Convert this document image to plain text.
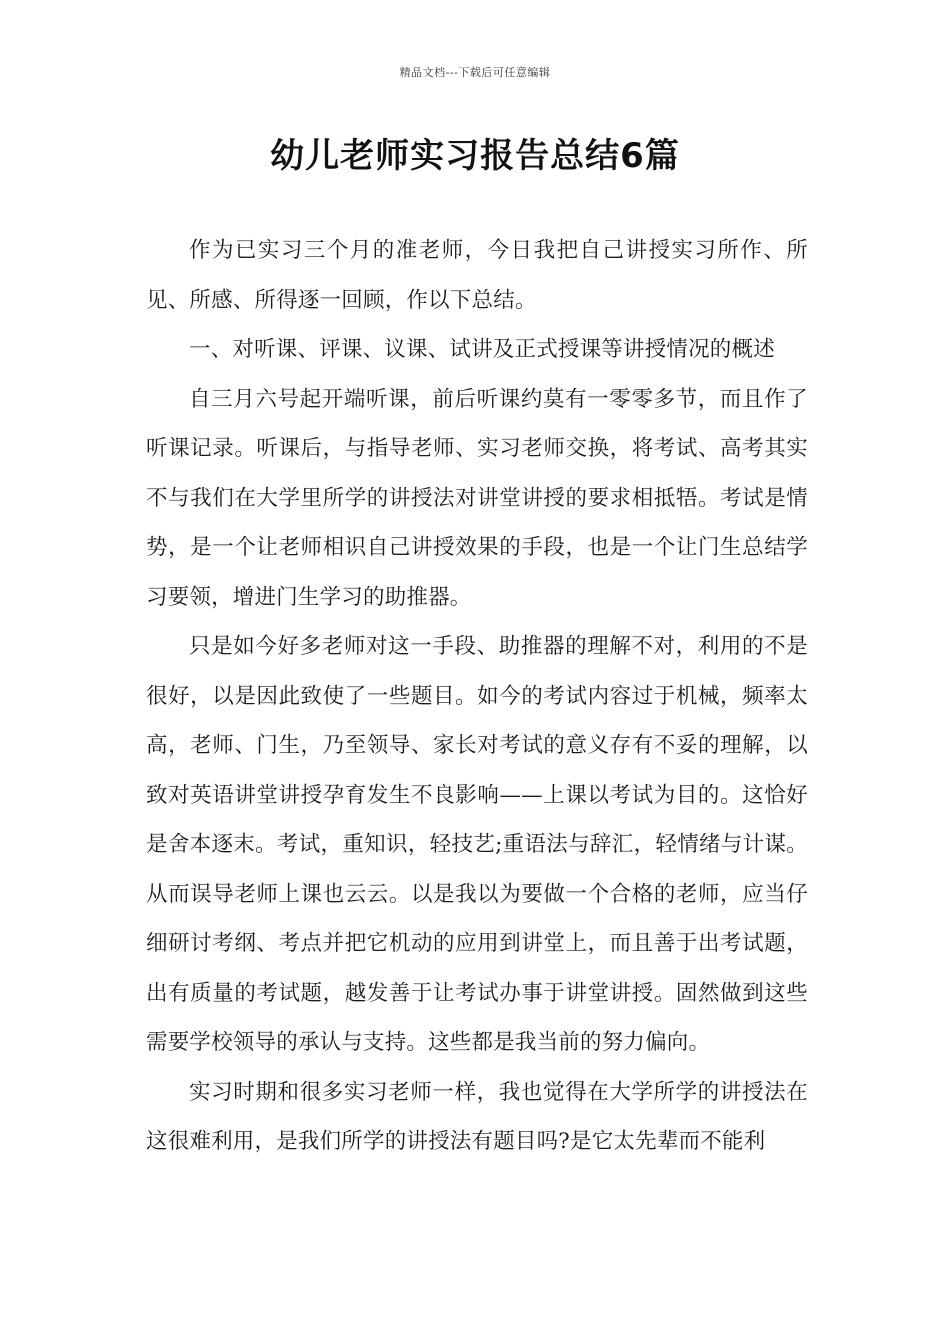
精品文档---下载后可任意编辑
幼儿老师实习报告总结6篇

作为已实习三个月的准老师，今日我把自己讲授实习所作、所见、所感、所得逐一回顾，作以下总结。

一、对听课、评课、议课、试讲及正式授课等讲授情况的概述

自三月六号起开端听课，前后听课约莫有一零零多节，而且作了听课记录。听课后，与指导老师、实习老师交换，将考试、高考其实不与我们在大学里所学的讲授法对讲堂讲授的要求相抵牾。考试是情势，是一个让老师相识自己讲授效果的手段，也是一个让门生总结学习要领，增进门生学习的助推器。

只是如今好多老师对这一手段、助推器的理解不对，利用的不是很好，以是因此致使了一些题目。如今的考试内容过于机械，频率太高，老师、门生，乃至领导、家长对考试的意义存有不妥的理解，以致对英语讲堂讲授孕育发生不良影响——上课以考试为目的。这恰好是舍本逐末。考试，重知识，轻技艺;重语法与辞汇，轻情绪与计谋。从而误导老师上课也云云。以是我以为要做一个合格的老师，应当仔细研讨考纲、考点并把它机动的应用到讲堂上，而且善于出考试题，出有质量的考试题，越发善于让考试办事于讲堂讲授。固然做到这些需要学校领导的承认与支持。这些都是我当前的努力偏向。

实习时期和很多实习老师一样，我也觉得在大学所学的讲授法在这很难利用，是我们所学的讲授法有题目吗?是它太先辈而不能利
